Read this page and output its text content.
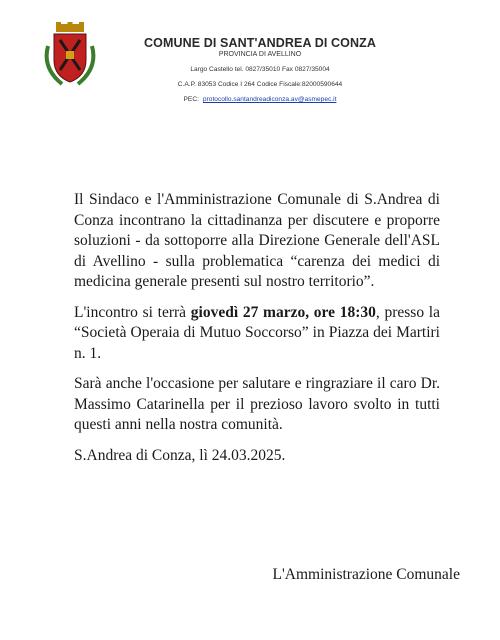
COMUNE DI SANT'ANDREA DI CONZA
PROVINCIA DI AVELLINO
Largo Castello tel. 0827/35010 Fax 0827/35004
C.A.P. 83053 Codice I 264 Codice Fiscale:82000590644
PEC: protocollo.santandreadiconza.av@asmepec.it

Il Sindaco e l'Amministrazione Comunale di S.Andrea di Conza incontrano la cittadinanza per discutere e proporre soluzioni - da sottoporre alla Direzione Generale dell'ASL di Avellino - sulla problematica “carenza dei medici di medicina generale presenti sul nostro territorio”.

L'incontro si terrà giovedì 27 marzo, ore 18:30, presso la “Società Operaia di Mutuo Soccorso” in Piazza dei Martiri n. 1.

Sarà anche l'occasione per salutare e ringraziare il caro Dr. Massimo Catarinella per il prezioso lavoro svolto in tutti questi anni nella nostra comunità.

S.Andrea di Conza, lì 24.03.2025.
L'Amministrazione Comunale
